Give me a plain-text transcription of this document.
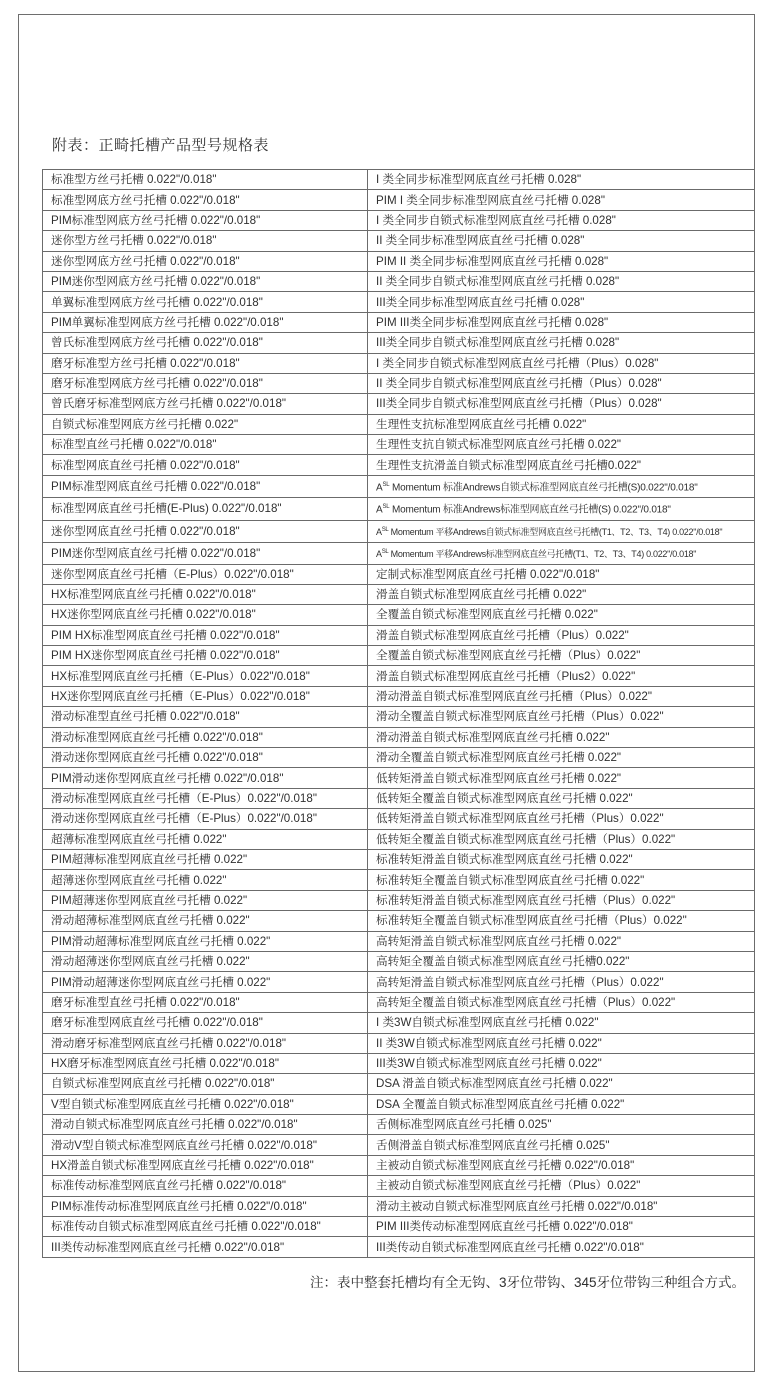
附表：正畸托槽产品型号规格表
标准型方丝弓托槽 0.022"/0.018"	I 类全同步标准型网底直丝弓托槽 0.028"
标准型网底方丝弓托槽 0.022"/0.018"	PIM I 类全同步标准型网底直丝弓托槽 0.028"
PIM标准型网底方丝弓托槽 0.022"/0.018"	I 类全同步自锁式标准型网底直丝弓托槽 0.028"
迷你型方丝弓托槽 0.022"/0.018"	II 类全同步标准型网底直丝弓托槽 0.028"
迷你型网底方丝弓托槽 0.022"/0.018"	PIM II 类全同步标准型网底直丝弓托槽 0.028"
PIM迷你型网底方丝弓托槽 0.022"/0.018"	II 类全同步自锁式标准型网底直丝弓托槽 0.028"
单翼标准型网底方丝弓托槽 0.022"/0.018"	III类全同步标准型网底直丝弓托槽 0.028"
PIM单翼标准型网底方丝弓托槽 0.022"/0.018"	PIM III类全同步标准型网底直丝弓托槽 0.028"
曾氏标准型网底方丝弓托槽 0.022"/0.018"	III类全同步自锁式标准型网底直丝弓托槽 0.028"
磨牙标准型方丝弓托槽 0.022"/0.018"	I 类全同步自锁式标准型网底直丝弓托槽（Plus）0.028"
磨牙标准型网底方丝弓托槽 0.022"/0.018"	II 类全同步自锁式标准型网底直丝弓托槽（Plus）0.028"
曾氏磨牙标准型网底方丝弓托槽 0.022"/0.018"	III类全同步自锁式标准型网底直丝弓托槽（Plus）0.028"
自锁式标准型网底方丝弓托槽 0.022"	生理性支抗标准型网底直丝弓托槽 0.022"
标准型直丝弓托槽 0.022"/0.018"	生理性支抗自锁式标准型网底直丝弓托槽 0.022"
标准型网底直丝弓托槽 0.022"/0.018"	生理性支抗滑盖自锁式标准型网底直丝弓托槽0.022"
PIM标准型网底直丝弓托槽 0.022"/0.018"	$A^{SL}$ Momentum 标准Andrews自锁式标准型网底直丝弓托槽(S)0.022"/0.018"
标准型网底直丝弓托槽(E-Plus) 0.022"/0.018"	$A^{SL}$ Momentum 标准Andrews标准型网底直丝弓托槽(S) 0.022"/0.018"
迷你型网底直丝弓托槽 0.022"/0.018"	$A^{SL}$ Momentum 平移Andrews自锁式标准型网底直丝弓托槽(T1、T2、T3、T4) 0.022"/0.018"
PIM迷你型网底直丝弓托槽 0.022"/0.018"	$A^{SL}$ Momentum 平移Andrews标准型网底直丝弓托槽(T1、T2、T3、T4) 0.022"/0.018"
迷你型网底直丝弓托槽（E-Plus）0.022"/0.018"	定制式标准型网底直丝弓托槽 0.022"/0.018"
HX标准型网底直丝弓托槽 0.022"/0.018"	滑盖自锁式标准型网底直丝弓托槽 0.022"
HX迷你型网底直丝弓托槽 0.022"/0.018"	全覆盖自锁式标准型网底直丝弓托槽 0.022"
PIM HX标准型网底直丝弓托槽 0.022"/0.018"	滑盖自锁式标准型网底直丝弓托槽（Plus）0.022"
PIM HX迷你型网底直丝弓托槽 0.022"/0.018"	全覆盖自锁式标准型网底直丝弓托槽（Plus）0.022"
HX标准型网底直丝弓托槽（E-Plus）0.022"/0.018"	滑盖自锁式标准型网底直丝弓托槽（Plus2）0.022"
HX迷你型网底直丝弓托槽（E-Plus）0.022"/0.018"	滑动滑盖自锁式标准型网底直丝弓托槽（Plus）0.022"
滑动标准型直丝弓托槽 0.022"/0.018"	滑动全覆盖自锁式标准型网底直丝弓托槽（Plus）0.022"
滑动标准型网底直丝弓托槽 0.022"/0.018"	滑动滑盖自锁式标准型网底直丝弓托槽 0.022"
滑动迷你型网底直丝弓托槽 0.022"/0.018"	滑动全覆盖自锁式标准型网底直丝弓托槽 0.022"
PIM滑动迷你型网底直丝弓托槽 0.022"/0.018"	低转矩滑盖自锁式标准型网底直丝弓托槽 0.022"
滑动标准型网底直丝弓托槽（E-Plus）0.022"/0.018"	低转矩全覆盖自锁式标准型网底直丝弓托槽 0.022"
滑动迷你型网底直丝弓托槽（E-Plus）0.022"/0.018"	低转矩滑盖自锁式标准型网底直丝弓托槽（Plus）0.022"
超薄标准型网底直丝弓托槽 0.022"	低转矩全覆盖自锁式标准型网底直丝弓托槽（Plus）0.022"
PIM超薄标准型网底直丝弓托槽 0.022"	标准转矩滑盖自锁式标准型网底直丝弓托槽 0.022"
超薄迷你型网底直丝弓托槽 0.022"	标准转矩全覆盖自锁式标准型网底直丝弓托槽 0.022"
PIM超薄迷你型网底直丝弓托槽 0.022"	标准转矩滑盖自锁式标准型网底直丝弓托槽（Plus）0.022"
滑动超薄标准型网底直丝弓托槽 0.022"	标准转矩全覆盖自锁式标准型网底直丝弓托槽（Plus）0.022"
PIM滑动超薄标准型网底直丝弓托槽 0.022"	高转矩滑盖自锁式标准型网底直丝弓托槽 0.022"
滑动超薄迷你型网底直丝弓托槽 0.022"	高转矩全覆盖自锁式标准型网底直丝弓托槽0.022"
PIM滑动超薄迷你型网底直丝弓托槽 0.022"	高转矩滑盖自锁式标准型网底直丝弓托槽（Plus）0.022"
磨牙标准型直丝弓托槽 0.022"/0.018"	高转矩全覆盖自锁式标准型网底直丝弓托槽（Plus）0.022"
磨牙标准型网底直丝弓托槽 0.022"/0.018"	I 类3W自锁式标准型网底直丝弓托槽 0.022"
滑动磨牙标准型网底直丝弓托槽 0.022"/0.018"	II 类3W自锁式标准型网底直丝弓托槽 0.022"
HX磨牙标准型网底直丝弓托槽 0.022"/0.018"	III类3W自锁式标准型网底直丝弓托槽 0.022"
自锁式标准型网底直丝弓托槽 0.022"/0.018"	DSA 滑盖自锁式标准型网底直丝弓托槽 0.022"
V型自锁式标准型网底直丝弓托槽 0.022"/0.018"	DSA 全覆盖自锁式标准型网底直丝弓托槽 0.022"
滑动自锁式标准型网底直丝弓托槽 0.022"/0.018"	舌侧标准型网底直丝弓托槽 0.025"
滑动V型自锁式标准型网底直丝弓托槽 0.022"/0.018"	舌侧滑盖自锁式标准型网底直丝弓托槽 0.025"
HX滑盖自锁式标准型网底直丝弓托槽 0.022"/0.018"	主被动自锁式标准型网底直丝弓托槽 0.022"/0.018"
标准传动标准型网底直丝弓托槽 0.022"/0.018"	主被动自锁式标准型网底直丝弓托槽（Plus）0.022"
PIM标准传动标准型网底直丝弓托槽 0.022"/0.018"	滑动主被动自锁式标准型网底直丝弓托槽 0.022"/0.018"
标准传动自锁式标准型网底直丝弓托槽 0.022"/0.018"	PIM III类传动标准型网底直丝弓托槽 0.022"/0.018"
III类传动标准型网底直丝弓托槽 0.022"/0.018"	III类传动自锁式标准型网底直丝弓托槽 0.022"/0.018"
注：表中整套托槽均有全无钩、3牙位带钩、345牙位带钩三种组合方式。
